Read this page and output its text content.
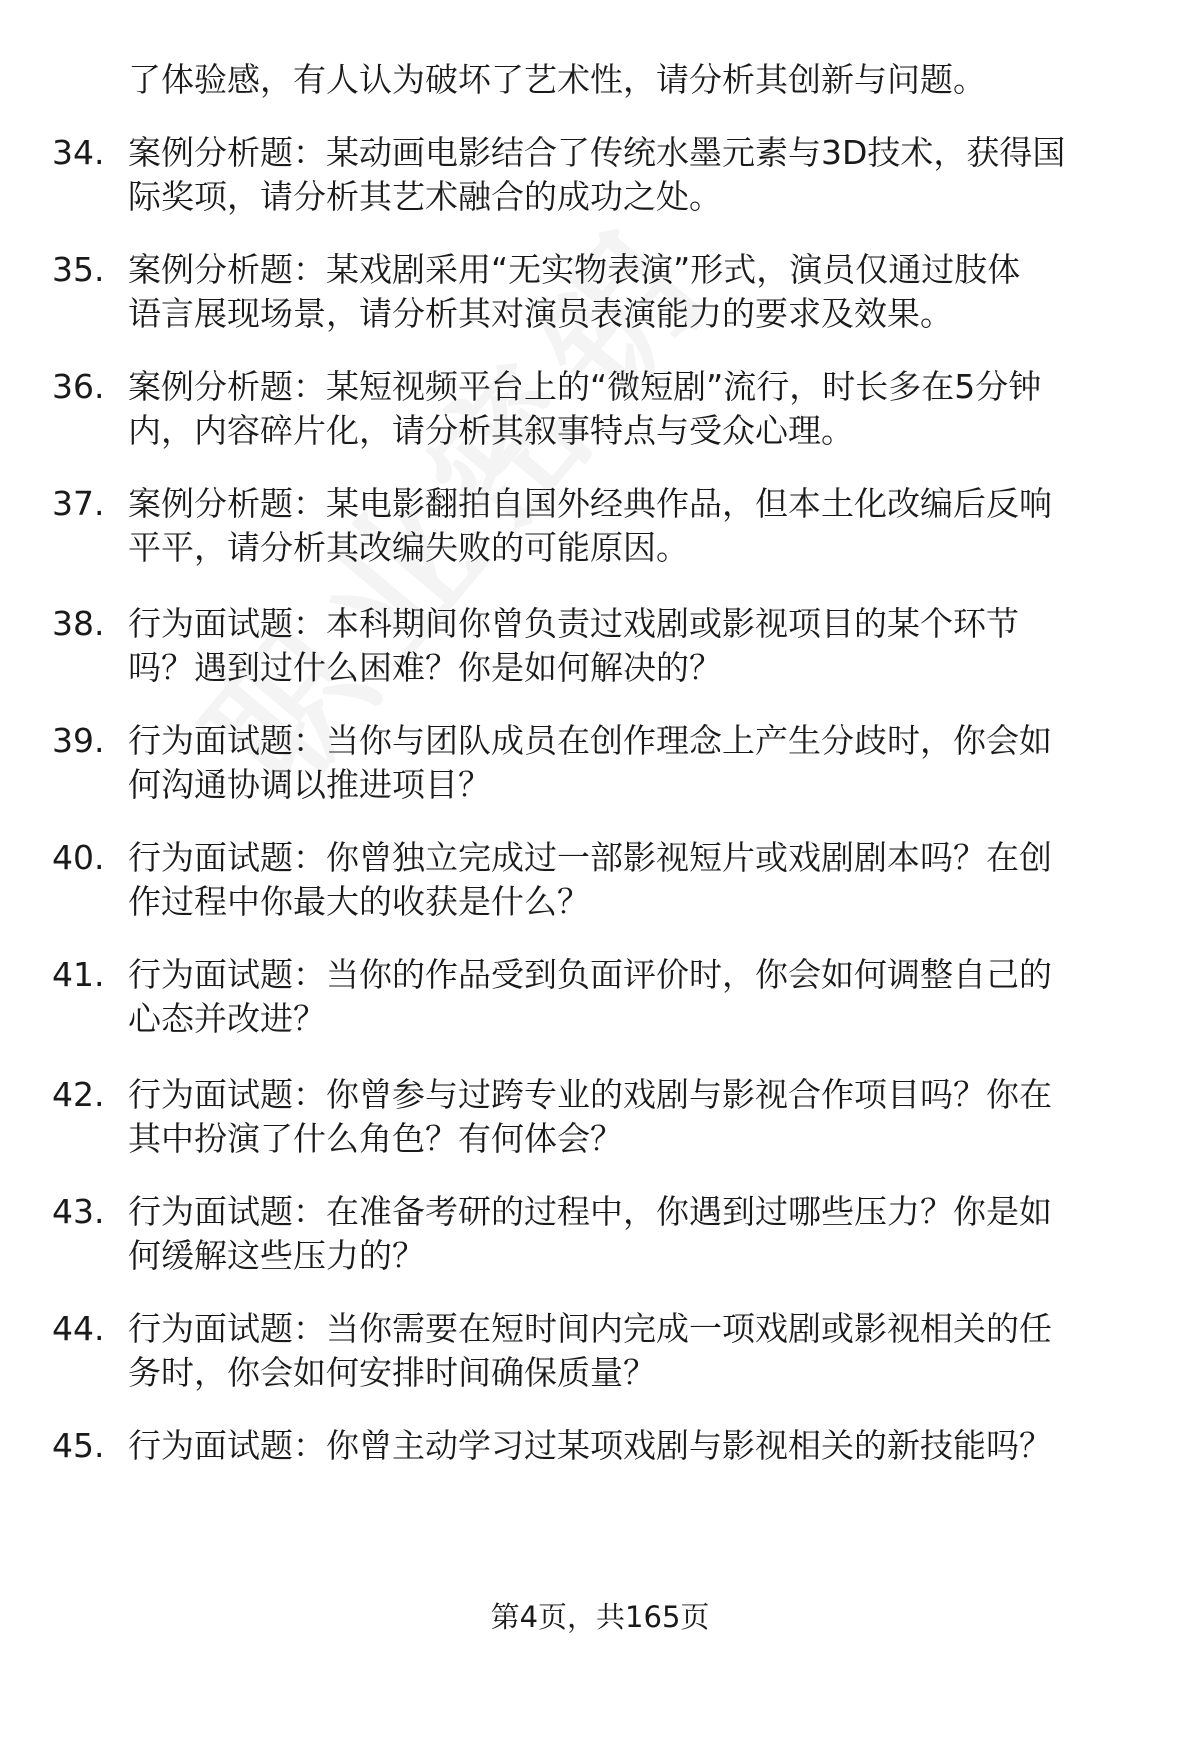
了体验感，有人认为破坏了艺术性，请分析其创新与问题。
34. 案例分析题：某动画电影结合了传统水墨元素与3D技术，获得国
际奖项，请分析其艺术融合的成功之处。
35. 案例分析题：某戏剧采用“无实物表演”形式，演员仅通过肢体
语言展现场景，请分析其对演员表演能力的要求及效果。
36. 案例分析题：某短视频平台上的“微短剧”流行，时长多在5分钟
内，内容碎片化，请分析其叙事特点与受众心理。
37. 案例分析题：某电影翻拍自国外经典作品，但本土化改编后反响
平平，请分析其改编失败的可能原因。
38. 行为面试题：本科期间你曾负责过戏剧或影视项目的某个环节
吗？遇到过什么困难？你是如何解决的？
39. 行为面试题：当你与团队成员在创作理念上产生分歧时，你会如
何沟通协调以推进项目？
40. 行为面试题：你曾独立完成过一部影视短片或戏剧剧本吗？在创
作过程中你最大的收获是什么？
41. 行为面试题：当你的作品受到负面评价时，你会如何调整自己的
心态并改进？
42. 行为面试题：你曾参与过跨专业的戏剧与影视合作项目吗？你在
其中扮演了什么角色？有何体会？
43. 行为面试题：在准备考研的过程中，你遇到过哪些压力？你是如
何缓解这些压力的？
44. 行为面试题：当你需要在短时间内完成一项戏剧或影视相关的任
务时，你会如何安排时间确保质量？
45. 行为面试题：你曾主动学习过某项戏剧与影视相关的新技能吗？
第4页，共165页
